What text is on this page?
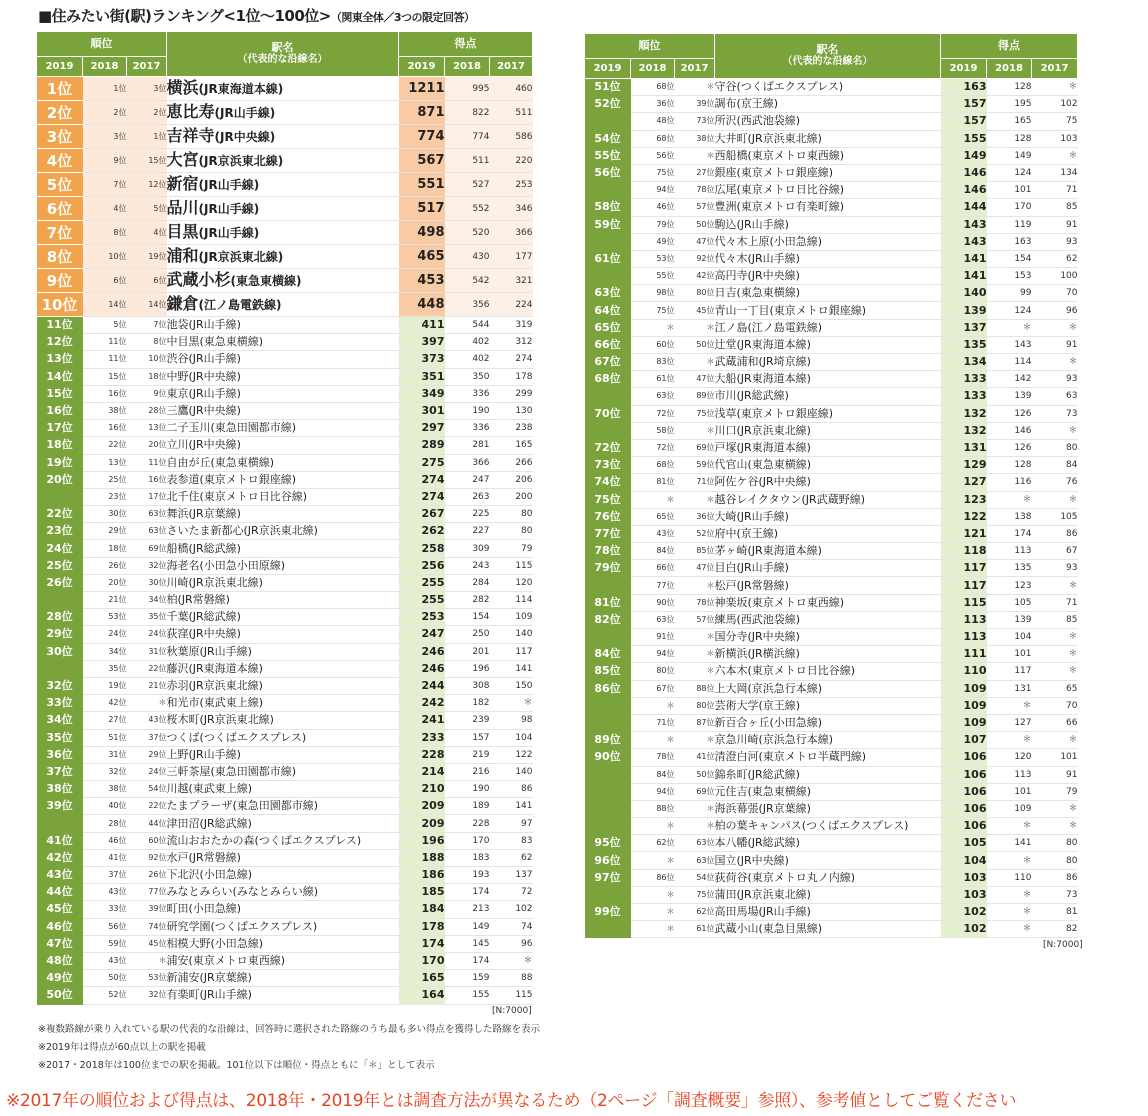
■住みたい街(駅)ランキング<1位〜100位>（関東全体／3つの限定回答）
順位			駅名
（代表的な沿線名）	得点		
2019	2018	2017		2019	2018	2017
1位	1位	3位	横浜(JR東海道本線)	1211	995	460
2位	2位	2位	恵比寿(JR山手線)	871	822	511
3位	3位	1位	吉祥寺(JR中央線)	774	774	586
4位	9位	15位	大宮(JR京浜東北線)	567	511	220
5位	7位	12位	新宿(JR山手線)	551	527	253
6位	4位	5位	品川(JR山手線)	517	552	346
7位	8位	4位	目黒(JR山手線)	498	520	366
8位	10位	19位	浦和(JR京浜東北線)	465	430	177
9位	6位	6位	武蔵小杉(東急東横線)	453	542	321
10位	14位	14位	鎌倉(江ノ島電鉄線)	448	356	224
11位	5位	7位	池袋(JR山手線)	411	544	319
12位	11位	8位	中目黒(東急東横線)	397	402	312
13位	11位	10位	渋谷(JR山手線)	373	402	274
14位	15位	18位	中野(JR中央線)	351	350	178
15位	16位	9位	東京(JR山手線)	349	336	299
16位	38位	28位	三鷹(JR中央線)	301	190	130
17位	16位	13位	二子玉川(東急田園都市線)	297	336	238
18位	22位	20位	立川(JR中央線)	289	281	165
19位	13位	11位	自由が丘(東急東横線)	275	366	266
20位	25位	16位	表参道(東京メトロ銀座線)	274	247	206
	23位	17位	北千住(東京メトロ日比谷線)	274	263	200
22位	30位	63位	舞浜(JR京葉線)	267	225	80
23位	29位	63位	さいたま新都心(JR京浜東北線)	262	227	80
24位	18位	69位	船橋(JR総武線)	258	309	79
25位	26位	32位	海老名(小田急小田原線)	256	243	115
26位	20位	30位	川崎(JR京浜東北線)	255	284	120
	21位	34位	柏(JR常磐線)	255	282	114
28位	53位	35位	千葉(JR総武線)	253	154	109
29位	24位	24位	荻窪(JR中央線)	247	250	140
30位	34位	31位	秋葉原(JR山手線)	246	201	117
	35位	22位	藤沢(JR東海道本線)	246	196	141
32位	19位	21位	赤羽(JR京浜東北線)	244	308	150
33位	42位	＊	和光市(東武東上線)	242	182	＊
34位	27位	43位	桜木町(JR京浜東北線)	241	239	98
35位	51位	37位	つくば(つくばエクスプレス)	233	157	104
36位	31位	29位	上野(JR山手線)	228	219	122
37位	32位	24位	三軒茶屋(東急田園都市線)	214	216	140
38位	38位	54位	川越(東武東上線)	210	190	86
39位	40位	22位	たまプラーザ(東急田園都市線)	209	189	141
	28位	44位	津田沼(JR総武線)	209	228	97
41位	46位	60位	流山おおたかの森(つくばエクスプレス)	196	170	83
42位	41位	92位	水戸(JR常磐線)	188	183	62
43位	37位	26位	下北沢(小田急線)	186	193	137
44位	43位	77位	みなとみらい(みなとみらい線)	185	174	72
45位	33位	39位	町田(小田急線)	184	213	102
46位	56位	74位	研究学園(つくばエクスプレス)	178	149	74
47位	59位	45位	相模大野(小田急線)	174	145	96
48位	43位	＊	浦安(東京メトロ東西線)	170	174	＊
49位	50位	53位	新浦安(JR京葉線)	165	159	88
50位	52位	32位	有楽町(JR山手線)	164	155	115
順位			駅名
（代表的な沿線名）	得点		
2019	2018	2017		2019	2018	2017
51位	68位	＊	守谷(つくばエクスプレス)	163	128	＊
52位	36位	39位	調布(京王線)	157	195	102
	48位	73位	所沢(西武池袋線)	157	165	75
54位	68位	38位	大井町(JR京浜東北線)	155	128	103
55位	56位	＊	西船橋(東京メトロ東西線)	149	149	＊
56位	75位	27位	銀座(東京メトロ銀座線)	146	124	134
	94位	78位	広尾(東京メトロ日比谷線)	146	101	71
58位	46位	57位	豊洲(東京メトロ有楽町線)	144	170	85
59位	79位	50位	駒込(JR山手線)	143	119	91
	49位	47位	代々木上原(小田急線)	143	163	93
61位	53位	92位	代々木(JR山手線)	141	154	62
	55位	42位	高円寺(JR中央線)	141	153	100
63位	98位	80位	日吉(東急東横線)	140	99	70
64位	75位	45位	青山一丁目(東京メトロ銀座線)	139	124	96
65位	＊	＊	江ノ島(江ノ島電鉄線)	137	＊	＊
66位	60位	50位	辻堂(JR東海道本線)	135	143	91
67位	83位	＊	武蔵浦和(JR埼京線)	134	114	＊
68位	61位	47位	大船(JR東海道本線)	133	142	93
	63位	89位	市川(JR総武線)	133	139	63
70位	72位	75位	浅草(東京メトロ銀座線)	132	126	73
	58位	＊	川口(JR京浜東北線)	132	146	＊
72位	72位	69位	戸塚(JR東海道本線)	131	126	80
73位	68位	59位	代官山(東急東横線)	129	128	84
74位	81位	71位	阿佐ケ谷(JR中央線)	127	116	76
75位	＊	＊	越谷レイクタウン(JR武蔵野線)	123	＊	＊
76位	65位	36位	大崎(JR山手線)	122	138	105
77位	43位	52位	府中(京王線)	121	174	86
78位	84位	85位	茅ヶ崎(JR東海道本線)	118	113	67
79位	66位	47位	目白(JR山手線)	117	135	93
	77位	＊	松戸(JR常磐線)	117	123	＊
81位	90位	78位	神楽坂(東京メトロ東西線)	115	105	71
82位	63位	57位	練馬(西武池袋線)	113	139	85
	91位	＊	国分寺(JR中央線)	113	104	＊
84位	94位	＊	新横浜(JR横浜線)	111	101	＊
85位	80位	＊	六本木(東京メトロ日比谷線)	110	117	＊
86位	67位	88位	上大岡(京浜急行本線)	109	131	65
	＊	80位	芸術大学(京王線)	109	＊	70
	71位	87位	新百合ヶ丘(小田急線)	109	127	66
89位	＊	＊	京急川崎(京浜急行本線)	107	＊	＊
90位	78位	41位	清澄白河(東京メトロ半蔵門線)	106	120	101
	84位	50位	錦糸町(JR総武線)	106	113	91
	94位	69位	元住吉(東急東横線)	106	101	79
	88位	＊	海浜幕張(JR京葉線)	106	109	＊
	＊	＊	柏の葉キャンパス(つくばエクスプレス)	106	＊	＊
95位	62位	63位	本八幡(JR総武線)	105	141	80
96位	＊	63位	国立(JR中央線)	104	＊	80
97位	86位	54位	荻荷谷(東京メトロ丸ノ内線)	103	110	86
	＊	75位	蒲田(JR京浜東北線)	103	＊	73
99位	＊	62位	高田馬場(JR山手線)	102	＊	81
	＊	61位	武蔵小山(東急目黒線)	102	＊	82
[N:7000]
[N:7000]
※複数路線が乗り入れている駅の代表的な沿線は、回答時に選択された路線のうち最も多い得点を獲得した路線を表示
※2019年は得点が60点以上の駅を掲載
※2017・2018年は100位までの駅を掲載。101位以下は順位・得点ともに「＊」として表示
※2017年の順位および得点は、2018年・2019年とは調査方法が異なるため（2ページ「調査概要」参照）、参考値としてご覧ください
